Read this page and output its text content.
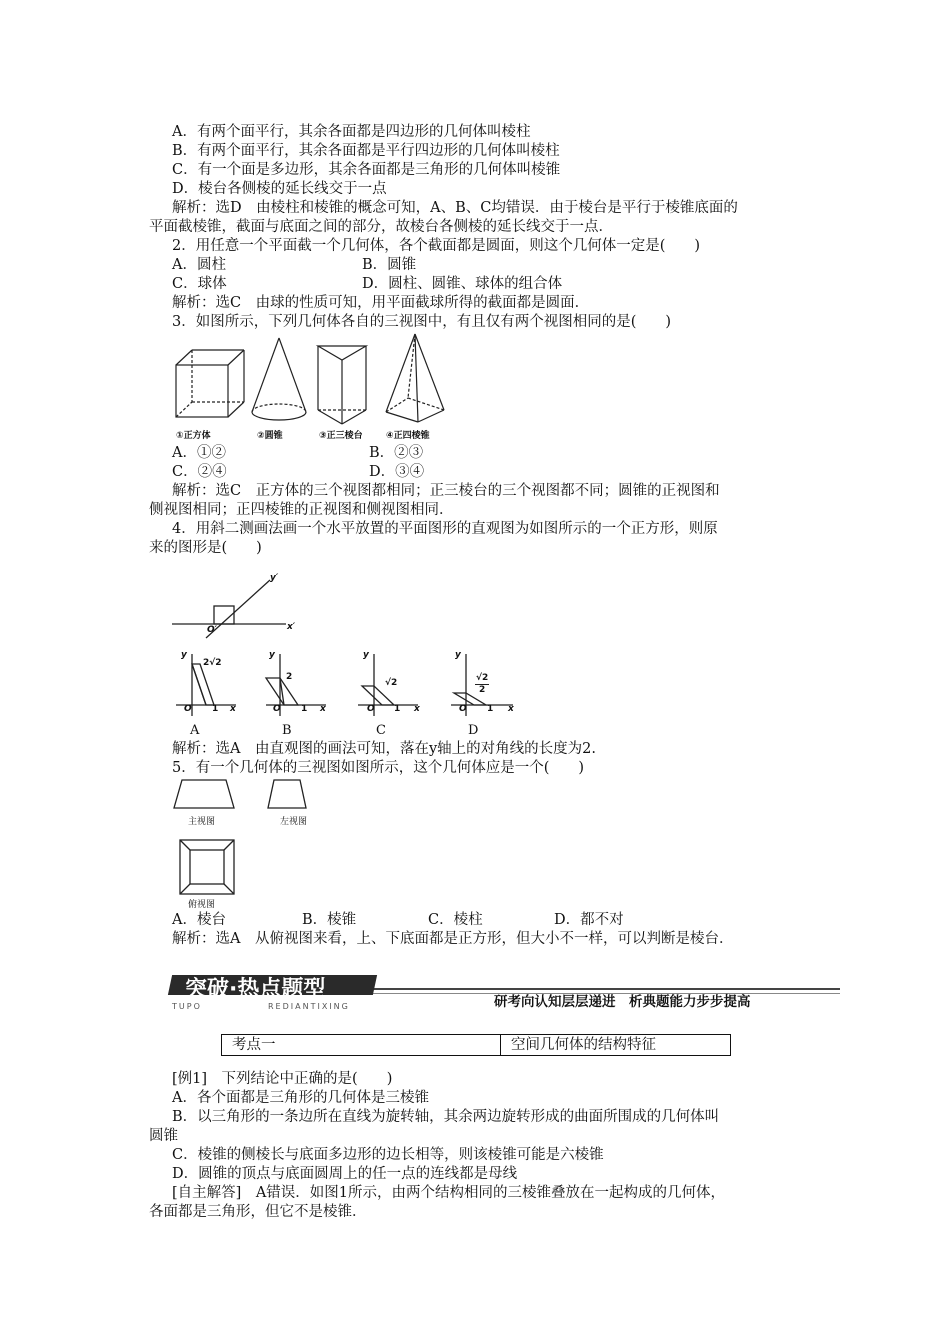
A．有两个面平行，其余各面都是四边形的几何体叫棱柱
B．有两个面平行，其余各面都是平行四边形的几何体叫棱柱
C．有一个面是多边形，其余各面都是三角形的几何体叫棱锥
D．棱台各侧棱的延长线交于一点
解析：选D　由棱柱和棱锥的概念可知，A、B、C均错误．由于棱台是平行于棱锥底面的
平面截棱锥，截面与底面之间的部分，故棱台各侧棱的延长线交于一点．
2．用任意一个平面截一个几何体，各个截面都是圆面，则这个几何体一定是(　　)
A．圆柱	B．圆锥
C．球体	D．圆柱、圆锥、球体的组合体
解析：选C　由球的性质可知，用平面截球所得的截面都是圆面．
3．如图所示，下列几何体各自的三视图中，有且仅有两个视图相同的是(　　)
①正方体	②圆锥	③正三棱台	④正四棱锥
A．①②	B．②③
C．②④	D．③④
解析：选C　正方体的三个视图都相同；正三棱台的三个视图都不同；圆锥的正视图和
侧视图相同；正四棱锥的正视图和侧视图相同．
4．用斜二测画法画一个水平放置的平面图形的直观图为如图所示的一个正方形，则原
来的图形是(　　)
y′
x′
O′
y
2√2
O 1 x
A
y
2
O 1 x
B
y
√2
O 1 x
C
y
√2
2
O 1 x
D
解析：选A　由直观图的画法可知，落在y轴上的对角线的长度为2.
5．有一个几何体的三视图如图所示，这个几何体应是一个(　　)
主视图	左视图
俯视图
A．棱台	B．棱锥	C．棱柱	D．都不对
解析：选A　从俯视图来看，上、下底面都是正方形，但大小不一样，可以判断是棱台．
突破·热点题型
TUPO	REDIANTIXING	研考向认知层层递进　析典题能力步步提高
考点一	空间几何体的结构特征
[例1]　下列结论中正确的是(　　)
A．各个面都是三角形的几何体是三棱锥
B．以三角形的一条边所在直线为旋转轴，其余两边旋转形成的曲面所围成的几何体叫
圆锥
C．棱锥的侧棱长与底面多边形的边长相等，则该棱锥可能是六棱锥
D．圆锥的顶点与底面圆周上的任一点的连线都是母线
[自主解答]　A错误．如图1所示，由两个结构相同的三棱锥叠放在一起构成的几何体，
各面都是三角形，但它不是棱锥．
